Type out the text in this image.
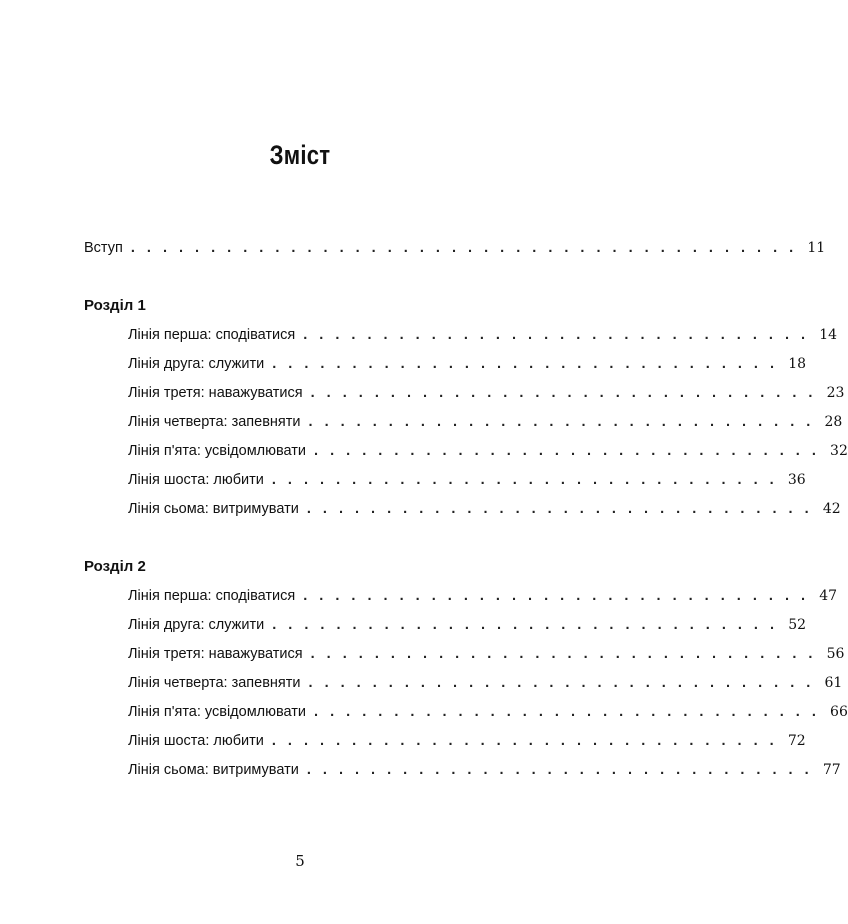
Зміст
Вступ . . . . . . . . . . . . . . . . . . . . . . . . . . . . . . . . . . . . . . . . . . 11
Розділ 1
Лінія перша: сподіватися . . . . . . . . . . . . . . . . . . . . . . . . . . . . . . . . 14
Лінія друга: служити . . . . . . . . . . . . . . . . . . . . . . . . . . . . . . . . 18
Лінія третя: наважуватися . . . . . . . . . . . . . . . . . . . . . . . . . . . . . . . . 23
Лінія четверта: запевняти . . . . . . . . . . . . . . . . . . . . . . . . . . . . . . . . 28
Лінія п'ята: усвідомлювати . . . . . . . . . . . . . . . . . . . . . . . . . . . . . . . . 32
Лінія шоста: любити . . . . . . . . . . . . . . . . . . . . . . . . . . . . . . . . 36
Лінія сьома: витримувати . . . . . . . . . . . . . . . . . . . . . . . . . . . . . . . . 42
Розділ 2
Лінія перша: сподіватися . . . . . . . . . . . . . . . . . . . . . . . . . . . . . . . . 47
Лінія друга: служити . . . . . . . . . . . . . . . . . . . . . . . . . . . . . . . . 52
Лінія третя: наважуватися . . . . . . . . . . . . . . . . . . . . . . . . . . . . . . . . 56
Лінія четверта: запевняти . . . . . . . . . . . . . . . . . . . . . . . . . . . . . . . . 61
Лінія п'ята: усвідомлювати . . . . . . . . . . . . . . . . . . . . . . . . . . . . . . . . 66
Лінія шоста: любити . . . . . . . . . . . . . . . . . . . . . . . . . . . . . . . . 72
Лінія сьома: витримувати . . . . . . . . . . . . . . . . . . . . . . . . . . . . . . . . 77
5
